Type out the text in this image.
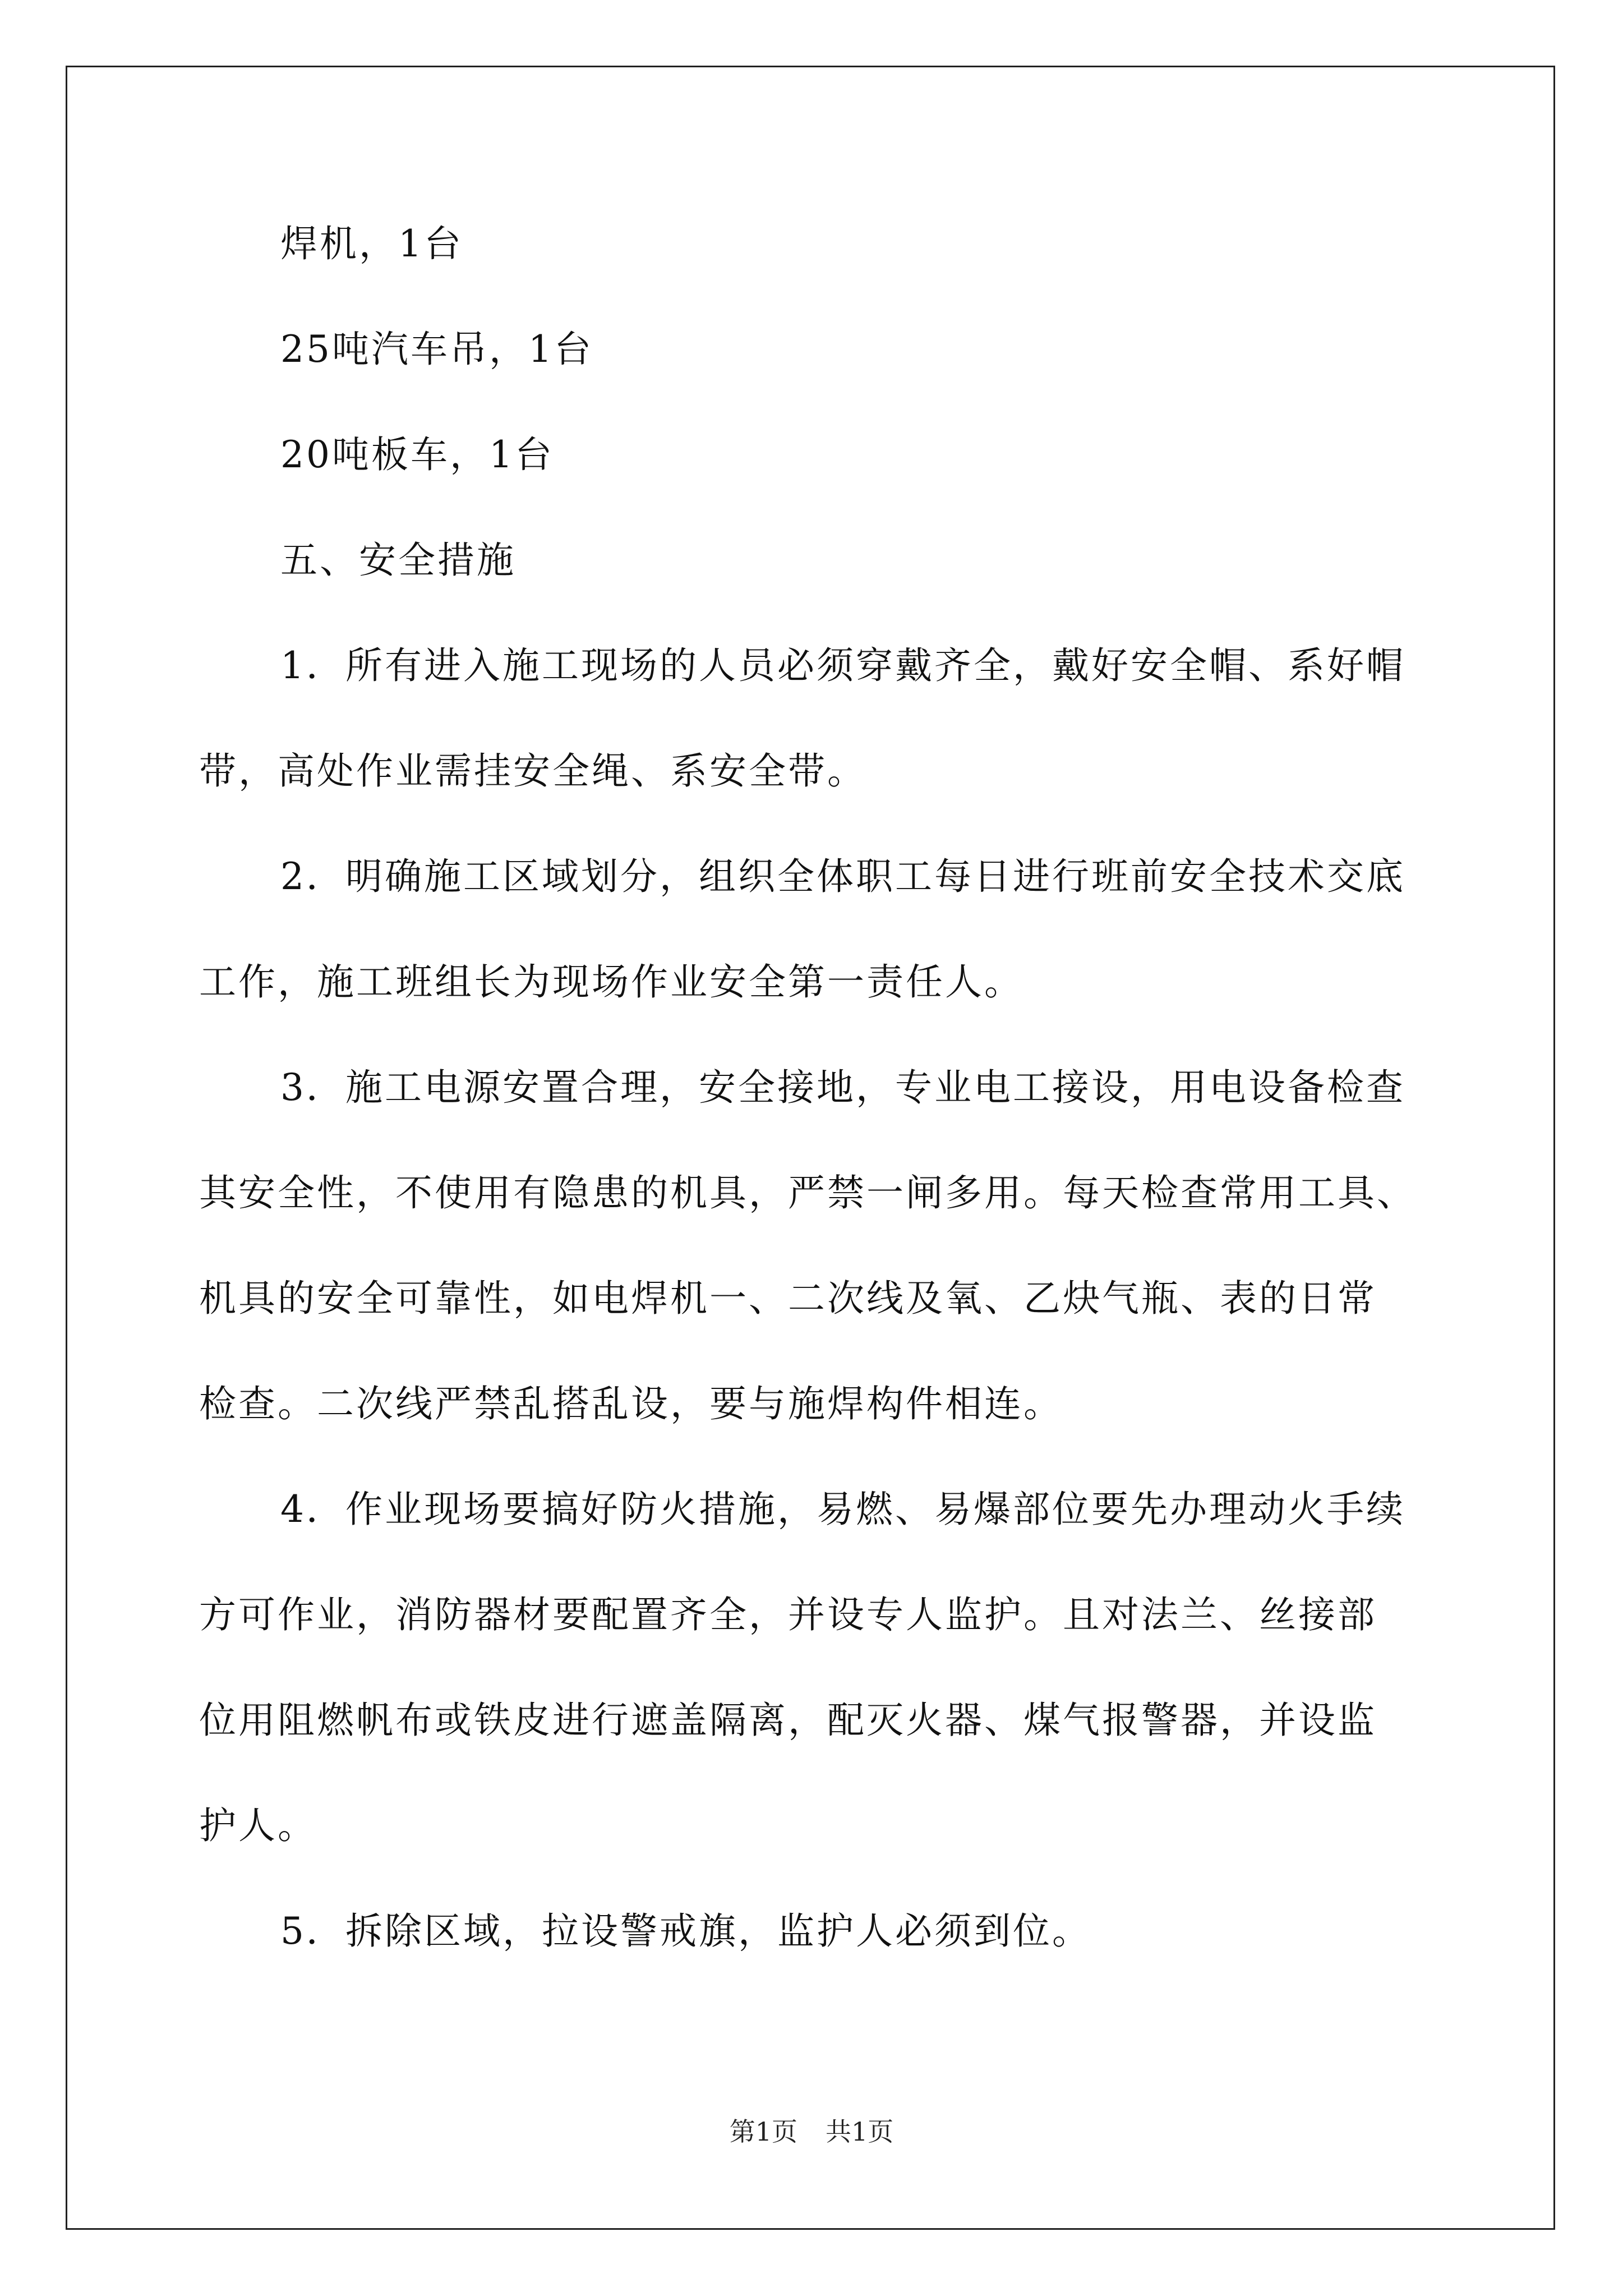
焊机，1台

25吨汽车吊，1台

20吨板车，1台

五、安全措施

1．所有进入施工现场的人员必须穿戴齐全，戴好安全帽、系好帽

带，高处作业需挂安全绳、系安全带。

2．明确施工区域划分，组织全体职工每日进行班前安全技术交底

工作，施工班组长为现场作业安全第一责任人。

3．施工电源安置合理，安全接地，专业电工接设，用电设备检查

其安全性，不使用有隐患的机具，严禁一闸多用。每天检查常用工具、

机具的安全可靠性，如电焊机一、二次线及氧、乙炔气瓶、表的日常

检查。二次线严禁乱搭乱设，要与施焊构件相连。

4．作业现场要搞好防火措施，易燃、易爆部位要先办理动火手续

方可作业，消防器材要配置齐全，并设专人监护。且对法兰、丝接部

位用阻燃帆布或铁皮进行遮盖隔离，配灭火器、煤气报警器，并设监

护人。

5．拆除区域，拉设警戒旗，监护人必须到位。

第1页 共1页
